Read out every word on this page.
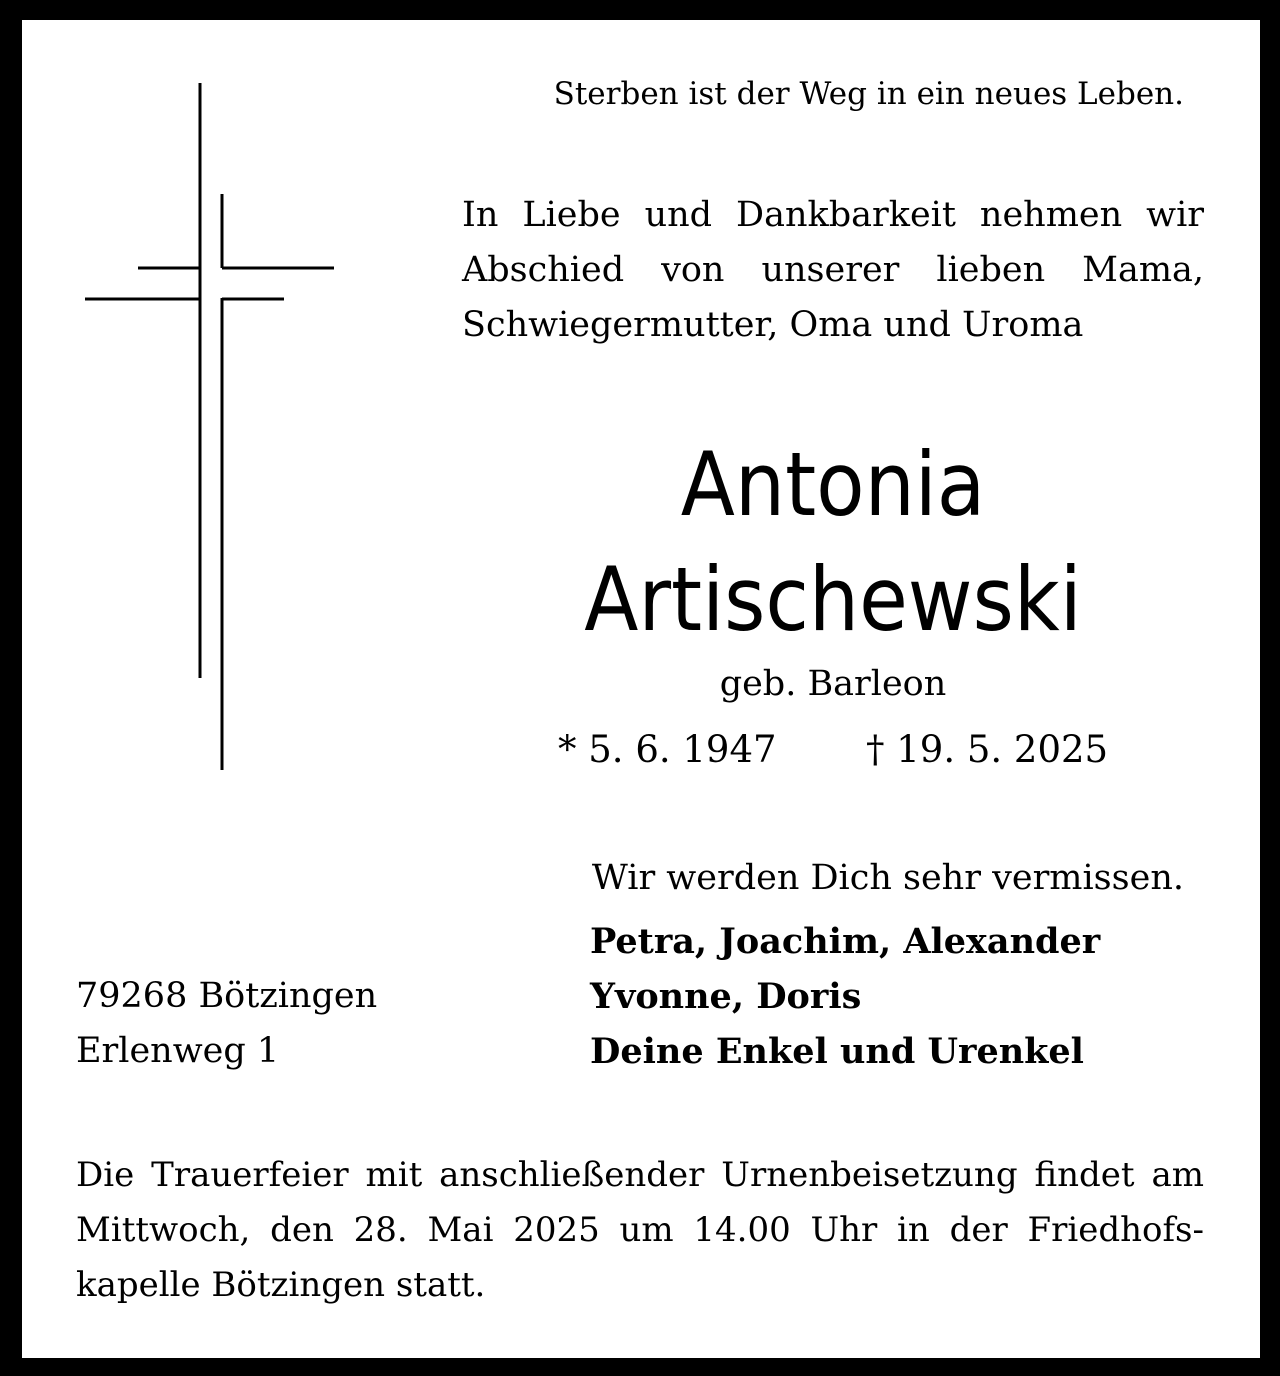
Sterben ist der Weg in ein neues Leben.
In Liebe und Dankbarkeit nehmen wir
Abschied von unserer lieben Mama,
Schwiegermutter, Oma und Uroma
Antonia
Artischewski
geb. Barleon
* 5. 6. 1947 † 19. 5. 2025
Wir werden Dich sehr vermissen.
Petra, Joachim, Alexander
Yvonne, Doris
Deine Enkel und Urenkel
79268 Bötzingen
Erlenweg 1
Die Trauerfeier mit anschließender Urnenbeisetzung findet am
Mittwoch, den 28. Mai 2025 um 14.00 Uhr in der Friedhofs-
kapelle Bötzingen statt.
